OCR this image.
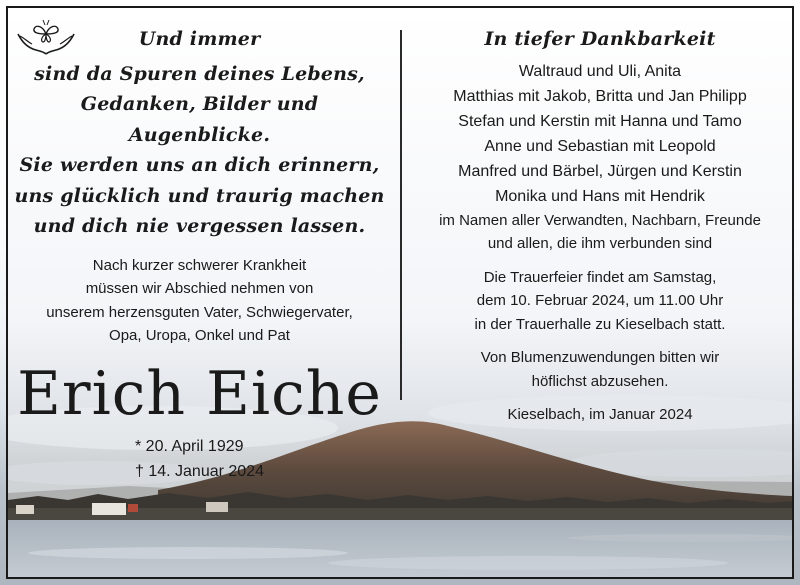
Und immer
sind da Spuren deines Lebens,
Gedanken, Bilder und Augenblicke.
Sie werden uns an dich erinnern,
uns glücklich und traurig machen
und dich nie vergessen lassen.
Nach kurzer schwerer Krankheit
müssen wir Abschied nehmen von
unserem herzensguten Vater, Schwiegervater,
Opa, Uropa, Onkel und Pat
Erich Eiche
* 20. April 1929
† 14. Januar 2024
In tiefer Dankbarkeit
Waltraud und Uli, Anita
Matthias mit Jakob, Britta und Jan Philipp
Stefan und Kerstin mit Hanna und Tamo
Anne und Sebastian mit Leopold
Manfred und Bärbel, Jürgen und Kerstin
Monika und Hans mit Hendrik
im Namen aller Verwandten, Nachbarn, Freunde
und allen, die ihm verbunden sind
Die Trauerfeier findet am Samstag,
dem 10. Februar 2024, um 11.00 Uhr
in der Trauerhalle zu Kieselbach statt.
Von Blumenzuwendungen bitten wir
höflichst abzusehen.
Kieselbach, im Januar 2024
